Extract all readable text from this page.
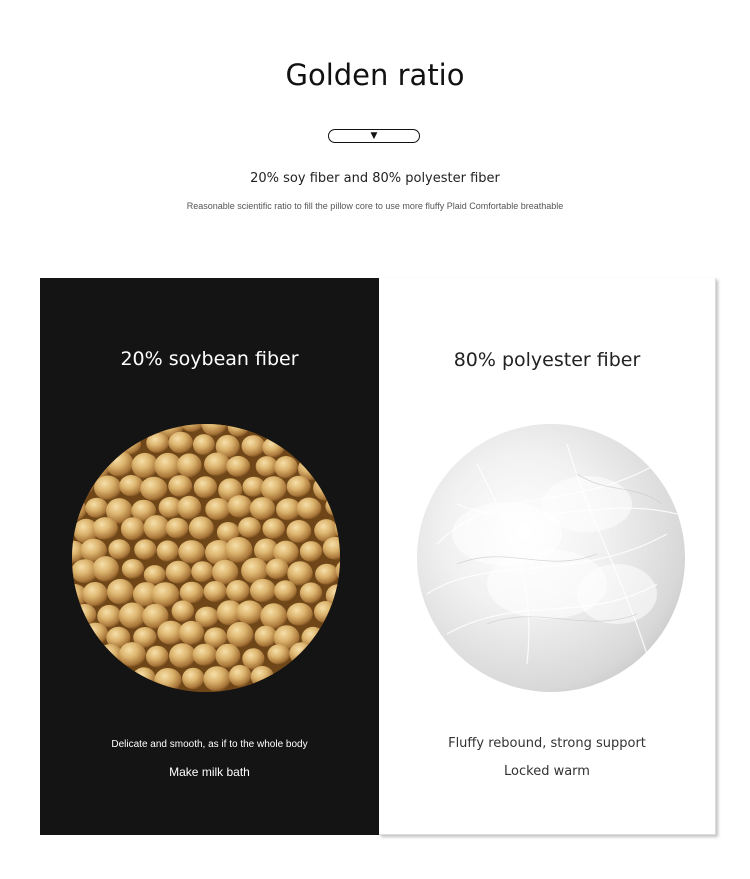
Golden ratio
▼
20% soy fiber and 80% polyester fiber
Reasonable scientific ratio to fill the pillow core to use more fluffy Plaid Comfortable breathable
20% soybean fiber
Delicate and smooth, as if to the whole body
Make milk bath
80% polyester fiber
Fluffy rebound, strong support
Locked warm
